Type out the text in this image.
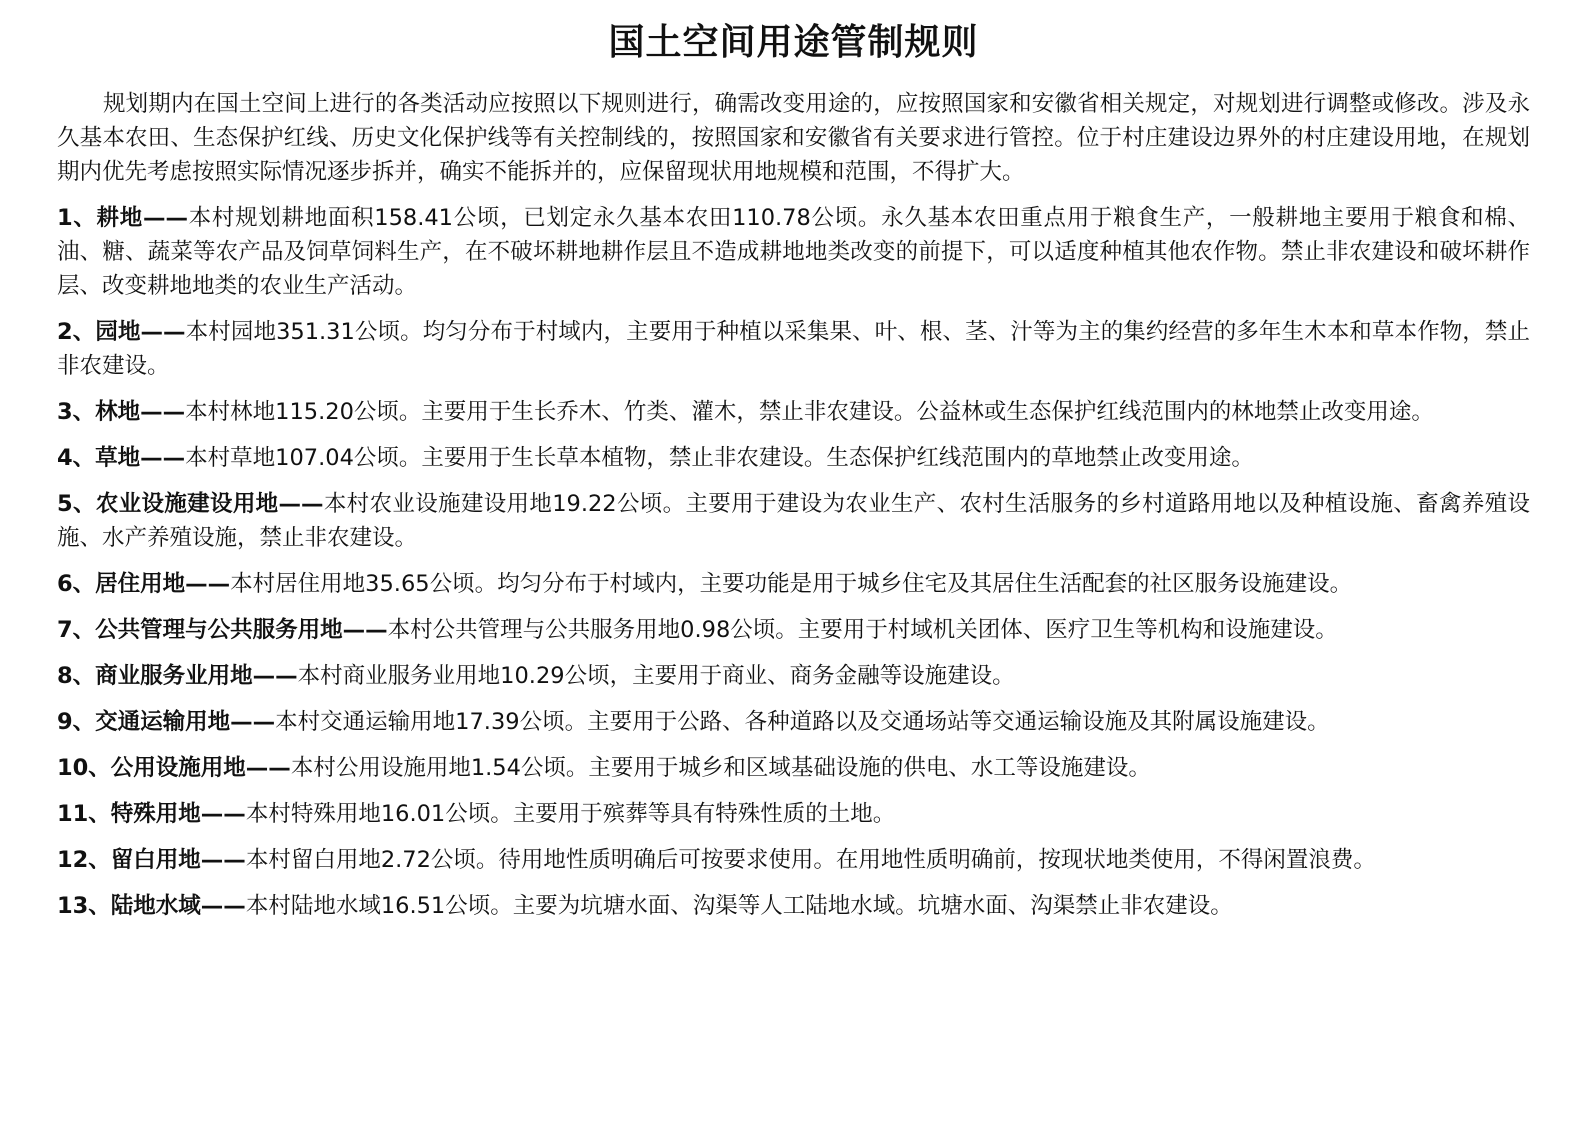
国土空间用途管制规则

规划期内在国土空间上进行的各类活动应按照以下规则进行，确需改变用途的，应按照国家和安徽省相关规定，对规划进行调整或修改。涉及永久基本农田、生态保护红线、历史文化保护线等有关控制线的，按照国家和安徽省有关要求进行管控。位于村庄建设边界外的村庄建设用地，在规划期内优先考虑按照实际情况逐步拆并，确实不能拆并的，应保留现状用地规模和范围，不得扩大。

1、耕地——本村规划耕地面积158.41公顷，已划定永久基本农田110.78公顷。永久基本农田重点用于粮食生产，一般耕地主要用于粮食和棉、油、糖、蔬菜等农产品及饲草饲料生产，在不破坏耕地耕作层且不造成耕地地类改变的前提下，可以适度种植其他农作物。禁止非农建设和破坏耕作层、改变耕地地类的农业生产活动。
2、园地——本村园地351.31公顷。均匀分布于村域内，主要用于种植以采集果、叶、根、茎、汁等为主的集约经营的多年生木本和草本作物，禁止非农建设。
3、林地——本村林地115.20公顷。主要用于生长乔木、竹类、灌木，禁止非农建设。公益林或生态保护红线范围内的林地禁止改变用途。
4、草地——本村草地107.04公顷。主要用于生长草本植物，禁止非农建设。生态保护红线范围内的草地禁止改变用途。
5、农业设施建设用地——本村农业设施建设用地19.22公顷。主要用于建设为农业生产、农村生活服务的乡村道路用地以及种植设施、畜禽养殖设施、水产养殖设施，禁止非农建设。
6、居住用地——本村居住用地35.65公顷。均匀分布于村域内，主要功能是用于城乡住宅及其居住生活配套的社区服务设施建设。
7、公共管理与公共服务用地——本村公共管理与公共服务用地0.98公顷。主要用于村域机关团体、医疗卫生等机构和设施建设。
8、商业服务业用地——本村商业服务业用地10.29公顷，主要用于商业、商务金融等设施建设。
9、交通运输用地——本村交通运输用地17.39公顷。主要用于公路、各种道路以及交通场站等交通运输设施及其附属设施建设。
10、公用设施用地——本村公用设施用地1.54公顷。主要用于城乡和区域基础设施的供电、水工等设施建设。
11、特殊用地——本村特殊用地16.01公顷。主要用于殡葬等具有特殊性质的土地。
12、留白用地——本村留白用地2.72公顷。待用地性质明确后可按要求使用。在用地性质明确前，按现状地类使用，不得闲置浪费。
13、陆地水域——本村陆地水域16.51公顷。主要为坑塘水面、沟渠等人工陆地水域。坑塘水面、沟渠禁止非农建设。
